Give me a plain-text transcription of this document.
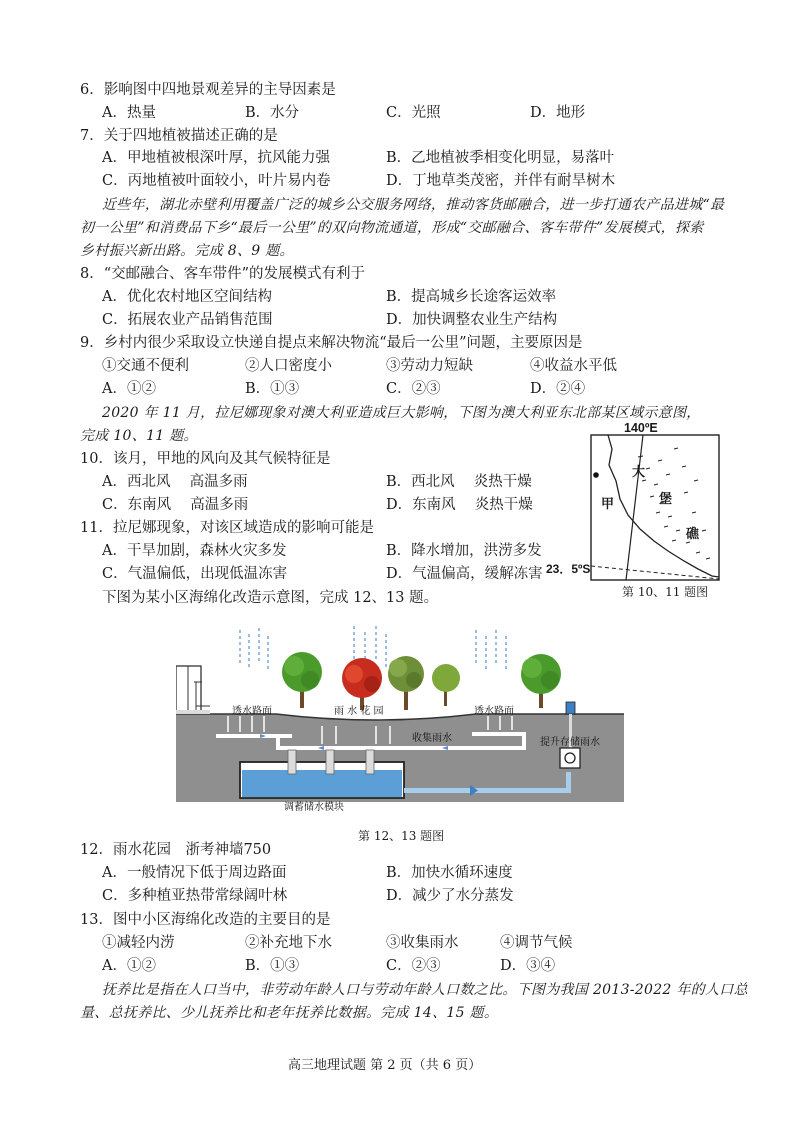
6．影响图中四地景观差异的主导因素是
A．热量	B．水分	C．光照	D．地形
7．关于四地植被描述正确的是
A．甲地植被根深叶厚，抗风能力强	B．乙地植被季相变化明显，易落叶
C．丙地植被叶面较小，叶片易内卷	D．丁地草类茂密，并伴有耐旱树木
近些年，湖北赤壁利用覆盖广泛的城乡公交服务网络，推动客货邮融合，进一步打通农产品进城“最
初一公里”和消费品下乡“最后一公里”的双向物流通道，形成“交邮融合、客车带件”发展模式，探索
乡村振兴新出路。完成 8、9 题。
8．“交邮融合、客车带件”的发展模式有利于
A．优化农村地区空间结构	B．提高城乡长途客运效率
C．拓展农业产品销售范围	D．加快调整农业生产结构
9．乡村内很少采取设立快递自提点来解决物流“最后一公里”问题，主要原因是
①交通不便利	②人口密度小	③劳动力短缺	④收益水平低
A．①②	B．①③	C．②③	D．②④
2020 年 11 月，拉尼娜现象对澳大利亚造成巨大影响，下图为澳大利亚东北部某区域示意图，
完成 10、11 题。
10．该月，甲地的风向及其气候特征是
A．西北风　 高温多雨	B．西北风　 炎热干燥
C．东南风　 高温多雨	D．东南风　 炎热干燥
11．拉尼娜现象，对该区域造成的影响可能是
A．干旱加剧，森林火灾多发	B．降水增加，洪涝多发
C．气温偏低，出现低温冻害	D．气温偏高，缓解冻害
140ºE
甲
大
堡
礁
23．5ºS
第 10、11 题图
下图为某小区海绵化改造示意图，完成 12、13 题。
透水路面	雨 水 花 园	透水路面
收集雨水	提升存储雨水
调蓄储水模块
第 12、13 题图
12．雨水花园　浙考神墙750
A．一般情况下低于周边路面	B．加快水循环速度
C．多种植亚热带常绿阔叶林	D．减少了水分蒸发
13．图中小区海绵化改造的主要目的是
①减轻内涝	②补充地下水	③收集雨水	④调节气候
A．①②	B．①③	C．②③	D．③④
抚养比是指在人口当中，非劳动年龄人口与劳动年龄人口数之比。下图为我国 2013-2022 年的人口总
量、总抚养比、少儿抚养比和老年抚养比数据。完成 14、15 题。
高三地理试题 第 2 页（共 6 页）
